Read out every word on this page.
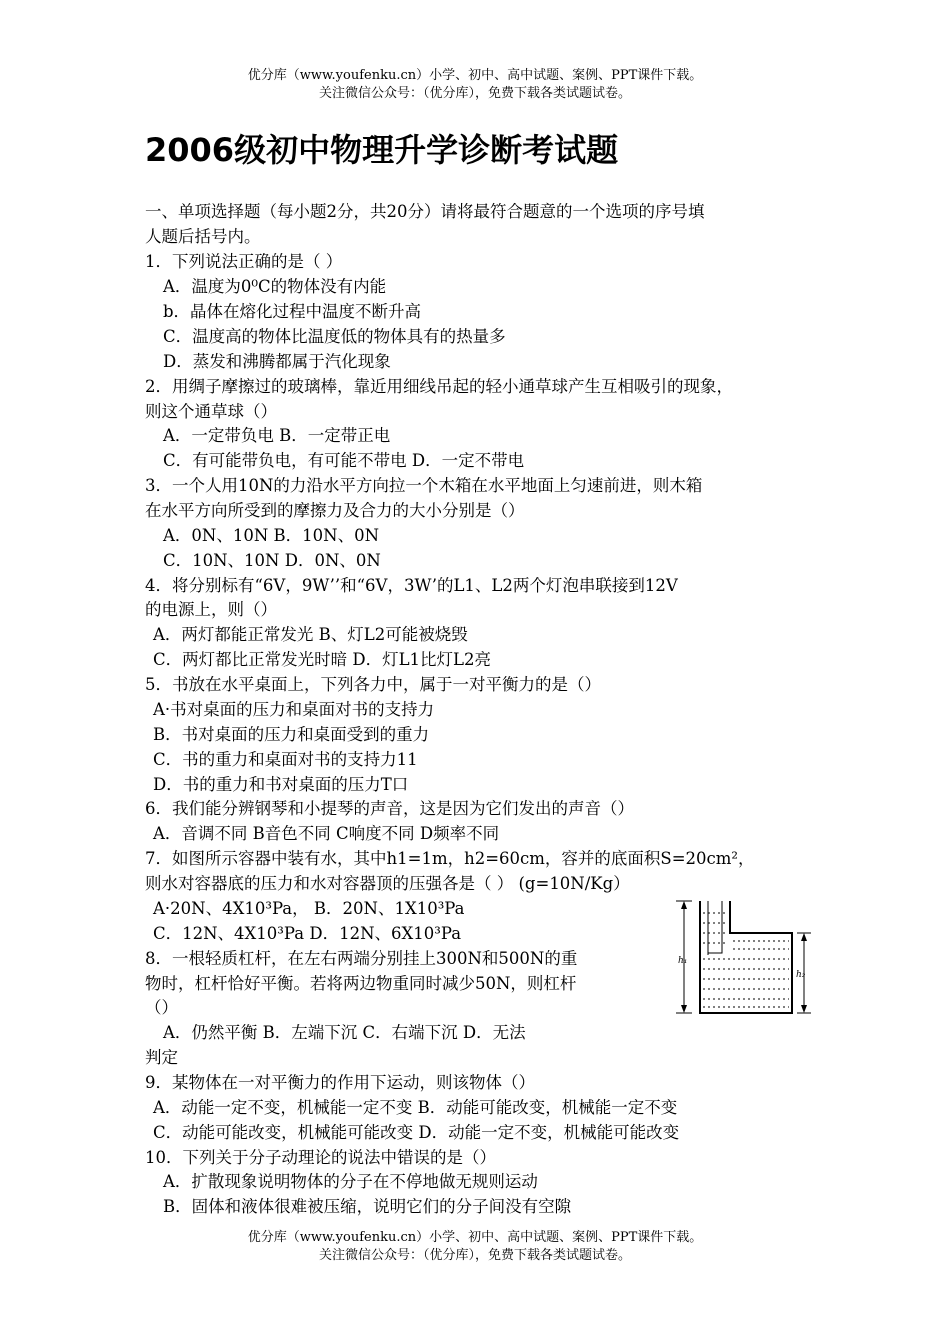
优分库（www.youfenku.cn）小学、初中、高中试题、案例、PPT课件下载。
关注微信公众号：（优分库），免费下载各类试题试卷。
2006级初中物理升学诊断考试题
一、单项选择题（每小题2分，共20分）请将最符合题意的一个选项的序号填
人题后括号内。
1．下列说法正确的是（ ）
A．温度为0⁰C的物体没有内能
b．晶体在熔化过程中温度不断升高
C．温度高的物体比温度低的物体具有的热量多
D．蒸发和沸腾都属于汽化现象
2．用绸子摩擦过的玻璃棒，靠近用细线吊起的轻小通草球产生互相吸引的现象，
则这个通草球（）
A．一定带负电 B．一定带正电
C．有可能带负电，有可能不带电 D．一定不带电
3．一个人用10N的力沿水平方向拉一个木箱在水平地面上匀速前进，则木箱
在水平方向所受到的摩擦力及合力的大小分别是（）
A．0N、10N B．10N、0N
C．10N、10N D．0N、0N
4．将分别标有“6V，9W’’和“6V，3W’的L1、L2两个灯泡串联接到12V
的电源上，则（）
A．两灯都能正常发光 B、灯L2可能被烧毁
C．两灯都比正常发光时暗 D．灯L1比灯L2亮
5．书放在水平桌面上，下列各力中，属于一对平衡力的是（）
A·书对桌面的压力和桌面对书的支持力
B．书对桌面的压力和桌面受到的重力
C．书的重力和桌面对书的支持力11
D．书的重力和书对桌面的压力T口
6．我们能分辨钢琴和小提琴的声音，这是因为它们发出的声音（）
A．音调不同 B音色不同 C响度不同 D频率不同
7．如图所示容器中装有水，其中h1=1m，h2=60cm，容并的底面积S=20cm²，
则水对容器底的压力和水对容器顶的压强各是（ ） (g=10N/Kg）
A·20N、4X10³Pa， B．20N、1X10³Pa
C．12N、4X10³Pa D．12N、6X10³Pa
8．一根轻质杠杆，在左右两端分别挂上300N和500N的重
物时，杠杆恰好平衡。若将两边物重同时减少50N，则杠杆
（）
A．仍然平衡 B．左端下沉 C．右端下沉 D．无法
判定
9．某物体在一对平衡力的作用下运动，则该物体（）
A．动能一定不变，机械能一定不变 B．动能可能改变，机械能一定不变
C．动能可能改变，机械能可能改变 D．动能一定不变，机械能可能改变
10．下列关于分子动理论的说法中错误的是（）
A．扩散现象说明物体的分子在不停地做无规则运动
B．固体和液体很难被压缩，说明它们的分子间没有空隙
h₁
h₂
优分库（www.youfenku.cn）小学、初中、高中试题、案例、PPT课件下载。
关注微信公众号：（优分库），免费下载各类试题试卷。
